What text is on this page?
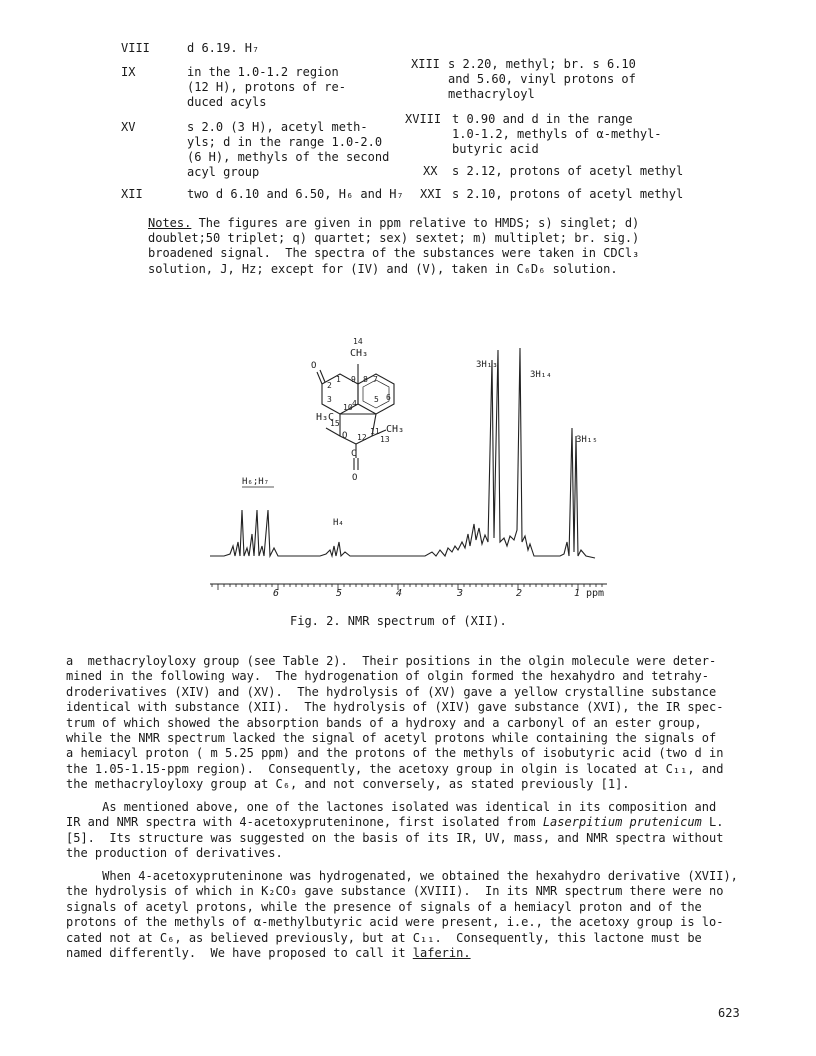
VIII	d 6.19. H₇
IX	in the 1.0-1.2 region
(12 H), protons of re-
duced acyls
XV	s 2.0 (3 H), acetyl meth-
yls; d in the range 1.0-2.0
(6 H), methyls of the second
acyl group
XII	two d 6.10 and 6.50, H₆ and H₇
XIII s 2.20, methyl; br. s 6.10
and 5.60, vinyl protons of
methacryloyl
XVIII t 0.90 and d in the range
1.0-1.2, methyls of α-methyl-
butyric acid
XX s 2.12, protons of acetyl methyl
XXI s 2.10, protons of acetyl methyl
Notes. The figures are given in ppm relative to HMDS; s) singlet; d)
doublet;50 triplet; q) quartet; sex) sextet; m) multiplet; br. sig.)
broadened signal.  The spectra of the substances were taken in CDCl₃
solution, J, Hz; except for (IV) and (V), taken in C₆D₆ solution.
6	5	4	3	2	1 ppm
H₆;H₇
H₄
3H₁₃
3H₁₄
3H₁₅
14
CH₃
O
2
1
3
9 8 7
6
5
4
10
11
12
H₃C
15
O
CH₃
13
C
O
Fig. 2. NMR spectrum of (XII).
a  methacryloyloxy group (see Table 2).  Their positions in the olgin molecule were deter-
mined in the following way.  The hydrogenation of olgin formed the hexahydro and tetrahy-
droderivatives (XIV) and (XV).  The hydrolysis of (XV) gave a yellow crystalline substance
identical with substance (XII).  The hydrolysis of (XIV) gave substance (XVI), the IR spec-
trum of which showed the absorption bands of a hydroxy and a carbonyl of an ester group,
while the NMR spectrum lacked the signal of acetyl protons while containing the signals of
a hemiacyl proton ( m 5.25 ppm) and the protons of the methyls of isobutyric acid (two d in
the 1.05-1.15-ppm region).  Consequently, the acetoxy group in olgin is located at C₁₁, and
the methacryloyloxy group at C₆, and not conversely, as stated previously [1].
As mentioned above, one of the lactones isolated was identical in its composition and
IR and NMR spectra with 4-acetoxypruteninone, first isolated from Laserpitium prutenicum L.
[5].  Its structure was suggested on the basis of its IR, UV, mass, and NMR spectra without
the production of derivatives.
When 4-acetoxypruteninone was hydrogenated, we obtained the hexahydro derivative (XVII),
the hydrolysis of which in K₂CO₃ gave substance (XVIII).  In its NMR spectrum there were no
signals of acetyl protons, while the presence of signals of a hemiacyl proton and of the
protons of the methyls of α-methylbutyric acid were present, i.e., the acetoxy group is lo-
cated not at C₆, as believed previously, but at C₁₁.  Consequently, this lactone must be
named differently.  We have proposed to call it laferin.
623
